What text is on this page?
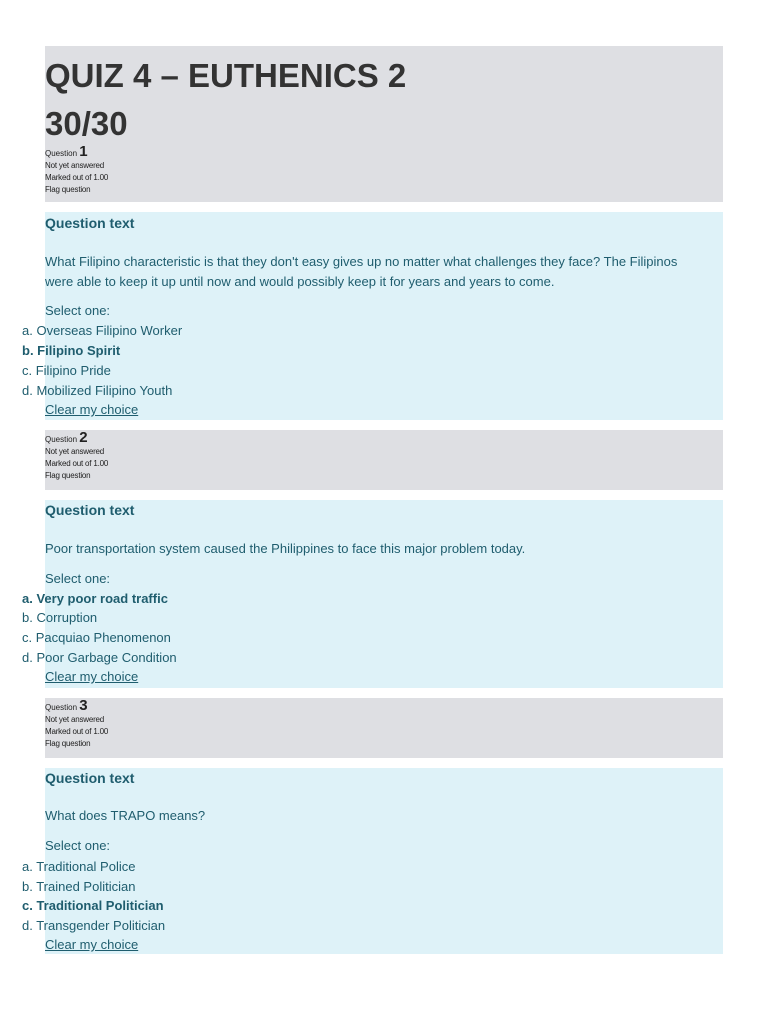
QUIZ 4 – EUTHENICS 2
30/30
Question 1
Not yet answered
Marked out of 1.00
Flag question
Question text
What Filipino characteristic is that they don't easy gives up no matter what challenges they face? The Filipinos were able to keep it up until now and would possibly keep it for years and years to come.
Select one:
a. Overseas Filipino Worker
b. Filipino Spirit
c. Filipino Pride
d. Mobilized Filipino Youth
Clear my choice
Question 2
Not yet answered
Marked out of 1.00
Flag question
Question text
Poor transportation system caused the Philippines to face this major problem today.
Select one:
a. Very poor road traffic
b. Corruption
c. Pacquiao Phenomenon
d. Poor Garbage Condition
Clear my choice
Question 3
Not yet answered
Marked out of 1.00
Flag question
Question text
What does TRAPO means?
Select one:
a. Traditional Police
b. Trained Politician
c. Traditional Politician
d. Transgender Politician
Clear my choice
